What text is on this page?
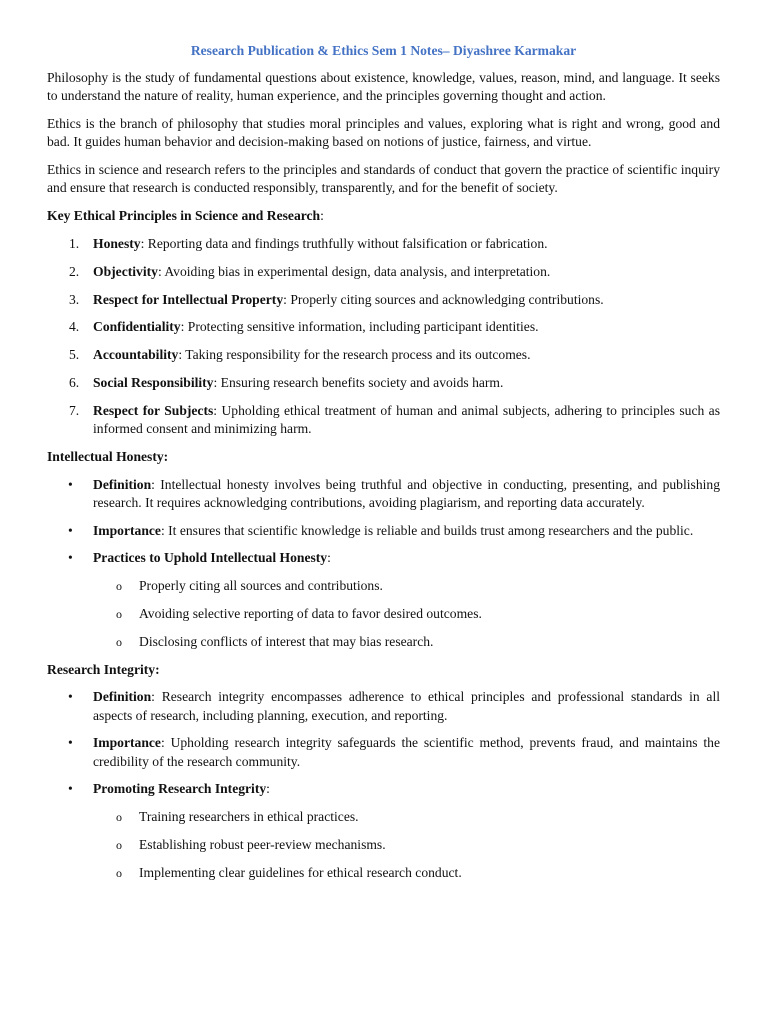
Research Publication & Ethics Sem 1 Notes– Diyashree Karmakar

Philosophy is the study of fundamental questions about existence, knowledge, values, reason, mind, and language. It seeks to understand the nature of reality, human experience, and the principles governing thought and action.

Ethics is the branch of philosophy that studies moral principles and values, exploring what is right and wrong, good and bad. It guides human behavior and decision-making based on notions of justice, fairness, and virtue.

Ethics in science and research refers to the principles and standards of conduct that govern the practice of scientific inquiry and ensure that research is conducted responsibly, transparently, and for the benefit of society.

Key Ethical Principles in Science and Research:
1. Honesty: Reporting data and findings truthfully without falsification or fabrication.
2. Objectivity: Avoiding bias in experimental design, data analysis, and interpretation.
3. Respect for Intellectual Property: Properly citing sources and acknowledging contributions.
4. Confidentiality: Protecting sensitive information, including participant identities.
5. Accountability: Taking responsibility for the research process and its outcomes.
6. Social Responsibility: Ensuring research benefits society and avoids harm.
7. Respect for Subjects: Upholding ethical treatment of human and animal subjects, adhering to principles such as informed consent and minimizing harm.
Intellectual Honesty:
• Definition: Intellectual honesty involves being truthful and objective in conducting, presenting, and publishing research. It requires acknowledging contributions, avoiding plagiarism, and reporting data accurately.
• Importance: It ensures that scientific knowledge is reliable and builds trust among researchers and the public.
• Practices to Uphold Intellectual Honesty:
o Properly citing all sources and contributions.
o Avoiding selective reporting of data to favor desired outcomes.
o Disclosing conflicts of interest that may bias research.
Research Integrity:
• Definition: Research integrity encompasses adherence to ethical principles and professional standards in all aspects of research, including planning, execution, and reporting.
• Importance: Upholding research integrity safeguards the scientific method, prevents fraud, and maintains the credibility of the research community.
• Promoting Research Integrity:
o Training researchers in ethical practices.
o Establishing robust peer-review mechanisms.
o Implementing clear guidelines for ethical research conduct.
